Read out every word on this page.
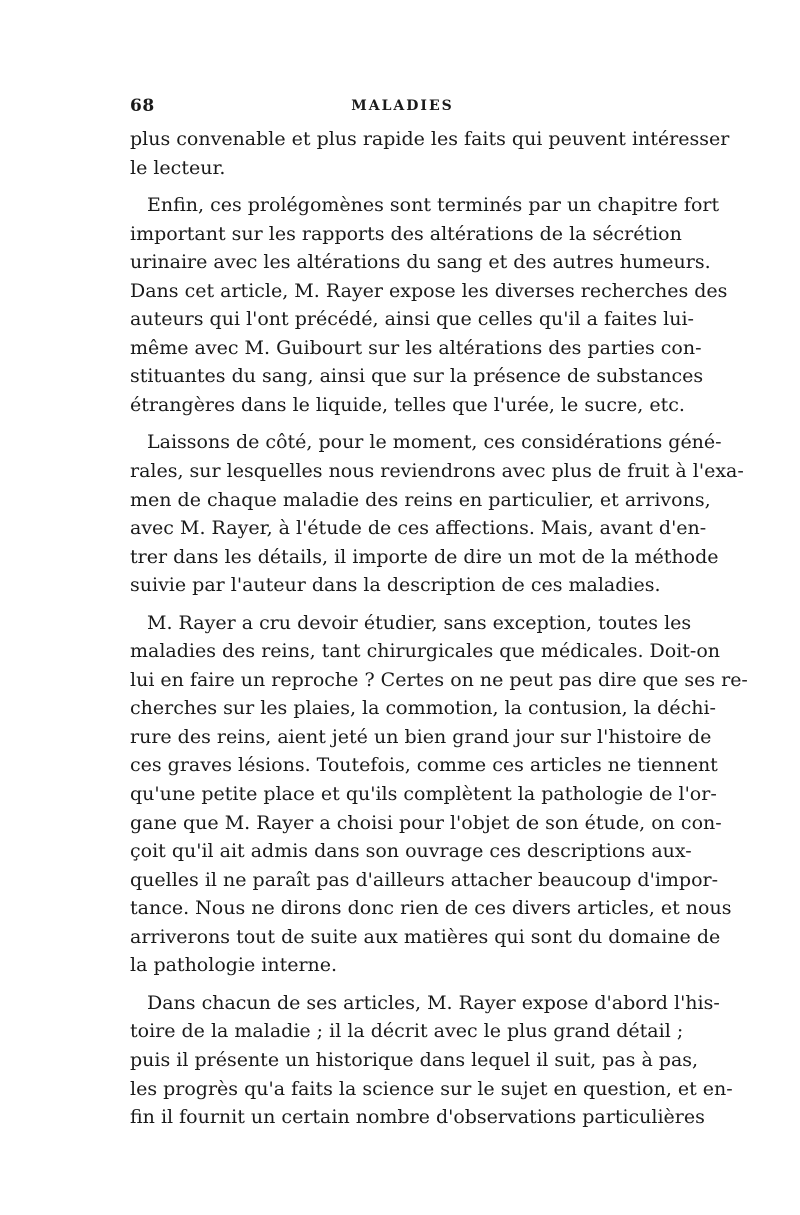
68	MALADIES
plus convenable et plus rapide les faits qui peuvent intéresser
le lecteur.
Enfin, ces prolégomènes sont terminés par un chapitre fort
important sur les rapports des altérations de la sécrétion
urinaire avec les altérations du sang et des autres humeurs.
Dans cet article, M. Rayer expose les diverses recherches des
auteurs qui l'ont précédé, ainsi que celles qu'il a faites lui-
même avec M. Guibourt sur les altérations des parties con-
stituantes du sang, ainsi que sur la présence de substances
étrangères dans le liquide, telles que l'urée, le sucre, etc.
Laissons de côté, pour le moment, ces considérations géné-
rales, sur lesquelles nous reviendrons avec plus de fruit à l'exa-
men de chaque maladie des reins en particulier, et arrivons,
avec M. Rayer, à l'étude de ces affections. Mais, avant d'en-
trer dans les détails, il importe de dire un mot de la méthode
suivie par l'auteur dans la description de ces maladies.
M. Rayer a cru devoir étudier, sans exception, toutes les
maladies des reins, tant chirurgicales que médicales. Doit-on
lui en faire un reproche ? Certes on ne peut pas dire que ses re-
cherches sur les plaies, la commotion, la contusion, la déchi-
rure des reins, aient jeté un bien grand jour sur l'histoire de
ces graves lésions. Toutefois, comme ces articles ne tiennent
qu'une petite place et qu'ils complètent la pathologie de l'or-
gane que M. Rayer a choisi pour l'objet de son étude, on con-
çoit qu'il ait admis dans son ouvrage ces descriptions aux-
quelles il ne paraît pas d'ailleurs attacher beaucoup d'impor-
tance. Nous ne dirons donc rien de ces divers articles, et nous
arriverons tout de suite aux matières qui sont du domaine de
la pathologie interne.
Dans chacun de ses articles, M. Rayer expose d'abord l'his-
toire de la maladie ; il la décrit avec le plus grand détail ;
puis il présente un historique dans lequel il suit, pas à pas,
les progrès qu'a faits la science sur le sujet en question, et en-
fin il fournit un certain nombre d'observations particulières
